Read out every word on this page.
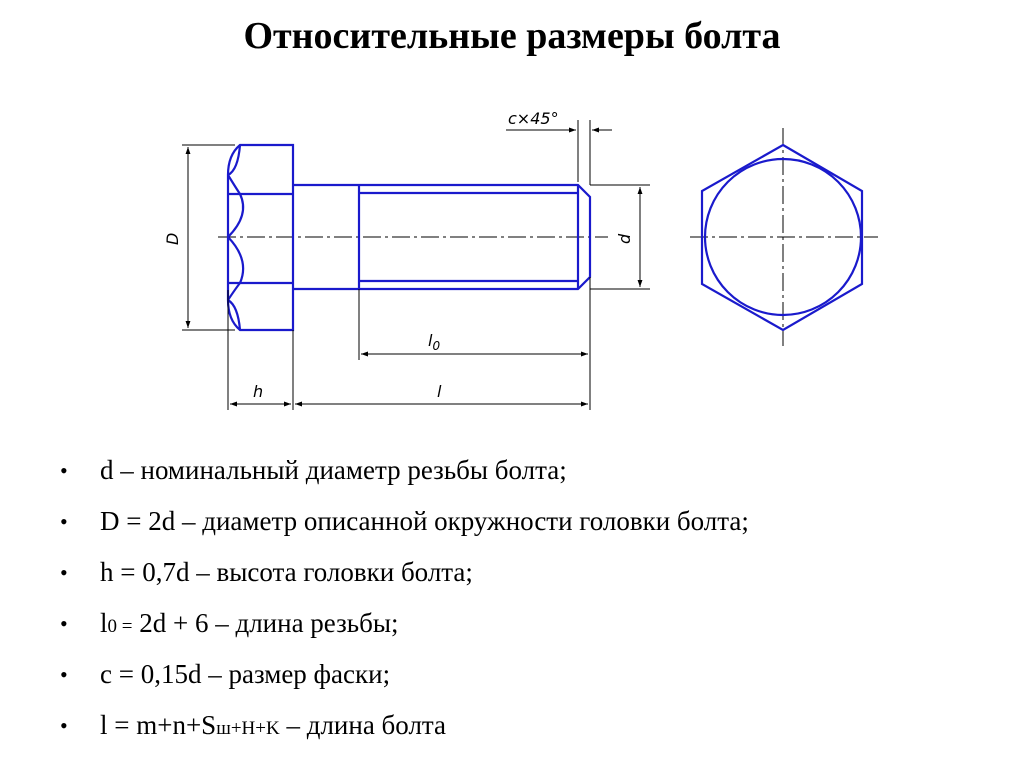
Относительные размеры болта
c×45°
D	d
$l_0$
h	l
• d – номинальный диаметр резьбы болта;
• D = 2d – диаметр описанной окружности головки болта;
• h = 0,7d – высота головки болта;
• l0 = 2d + 6 – длина резьбы;
• c = 0,15d – размер фаски;
• l = m+n+Sш+H+K – длина болта
